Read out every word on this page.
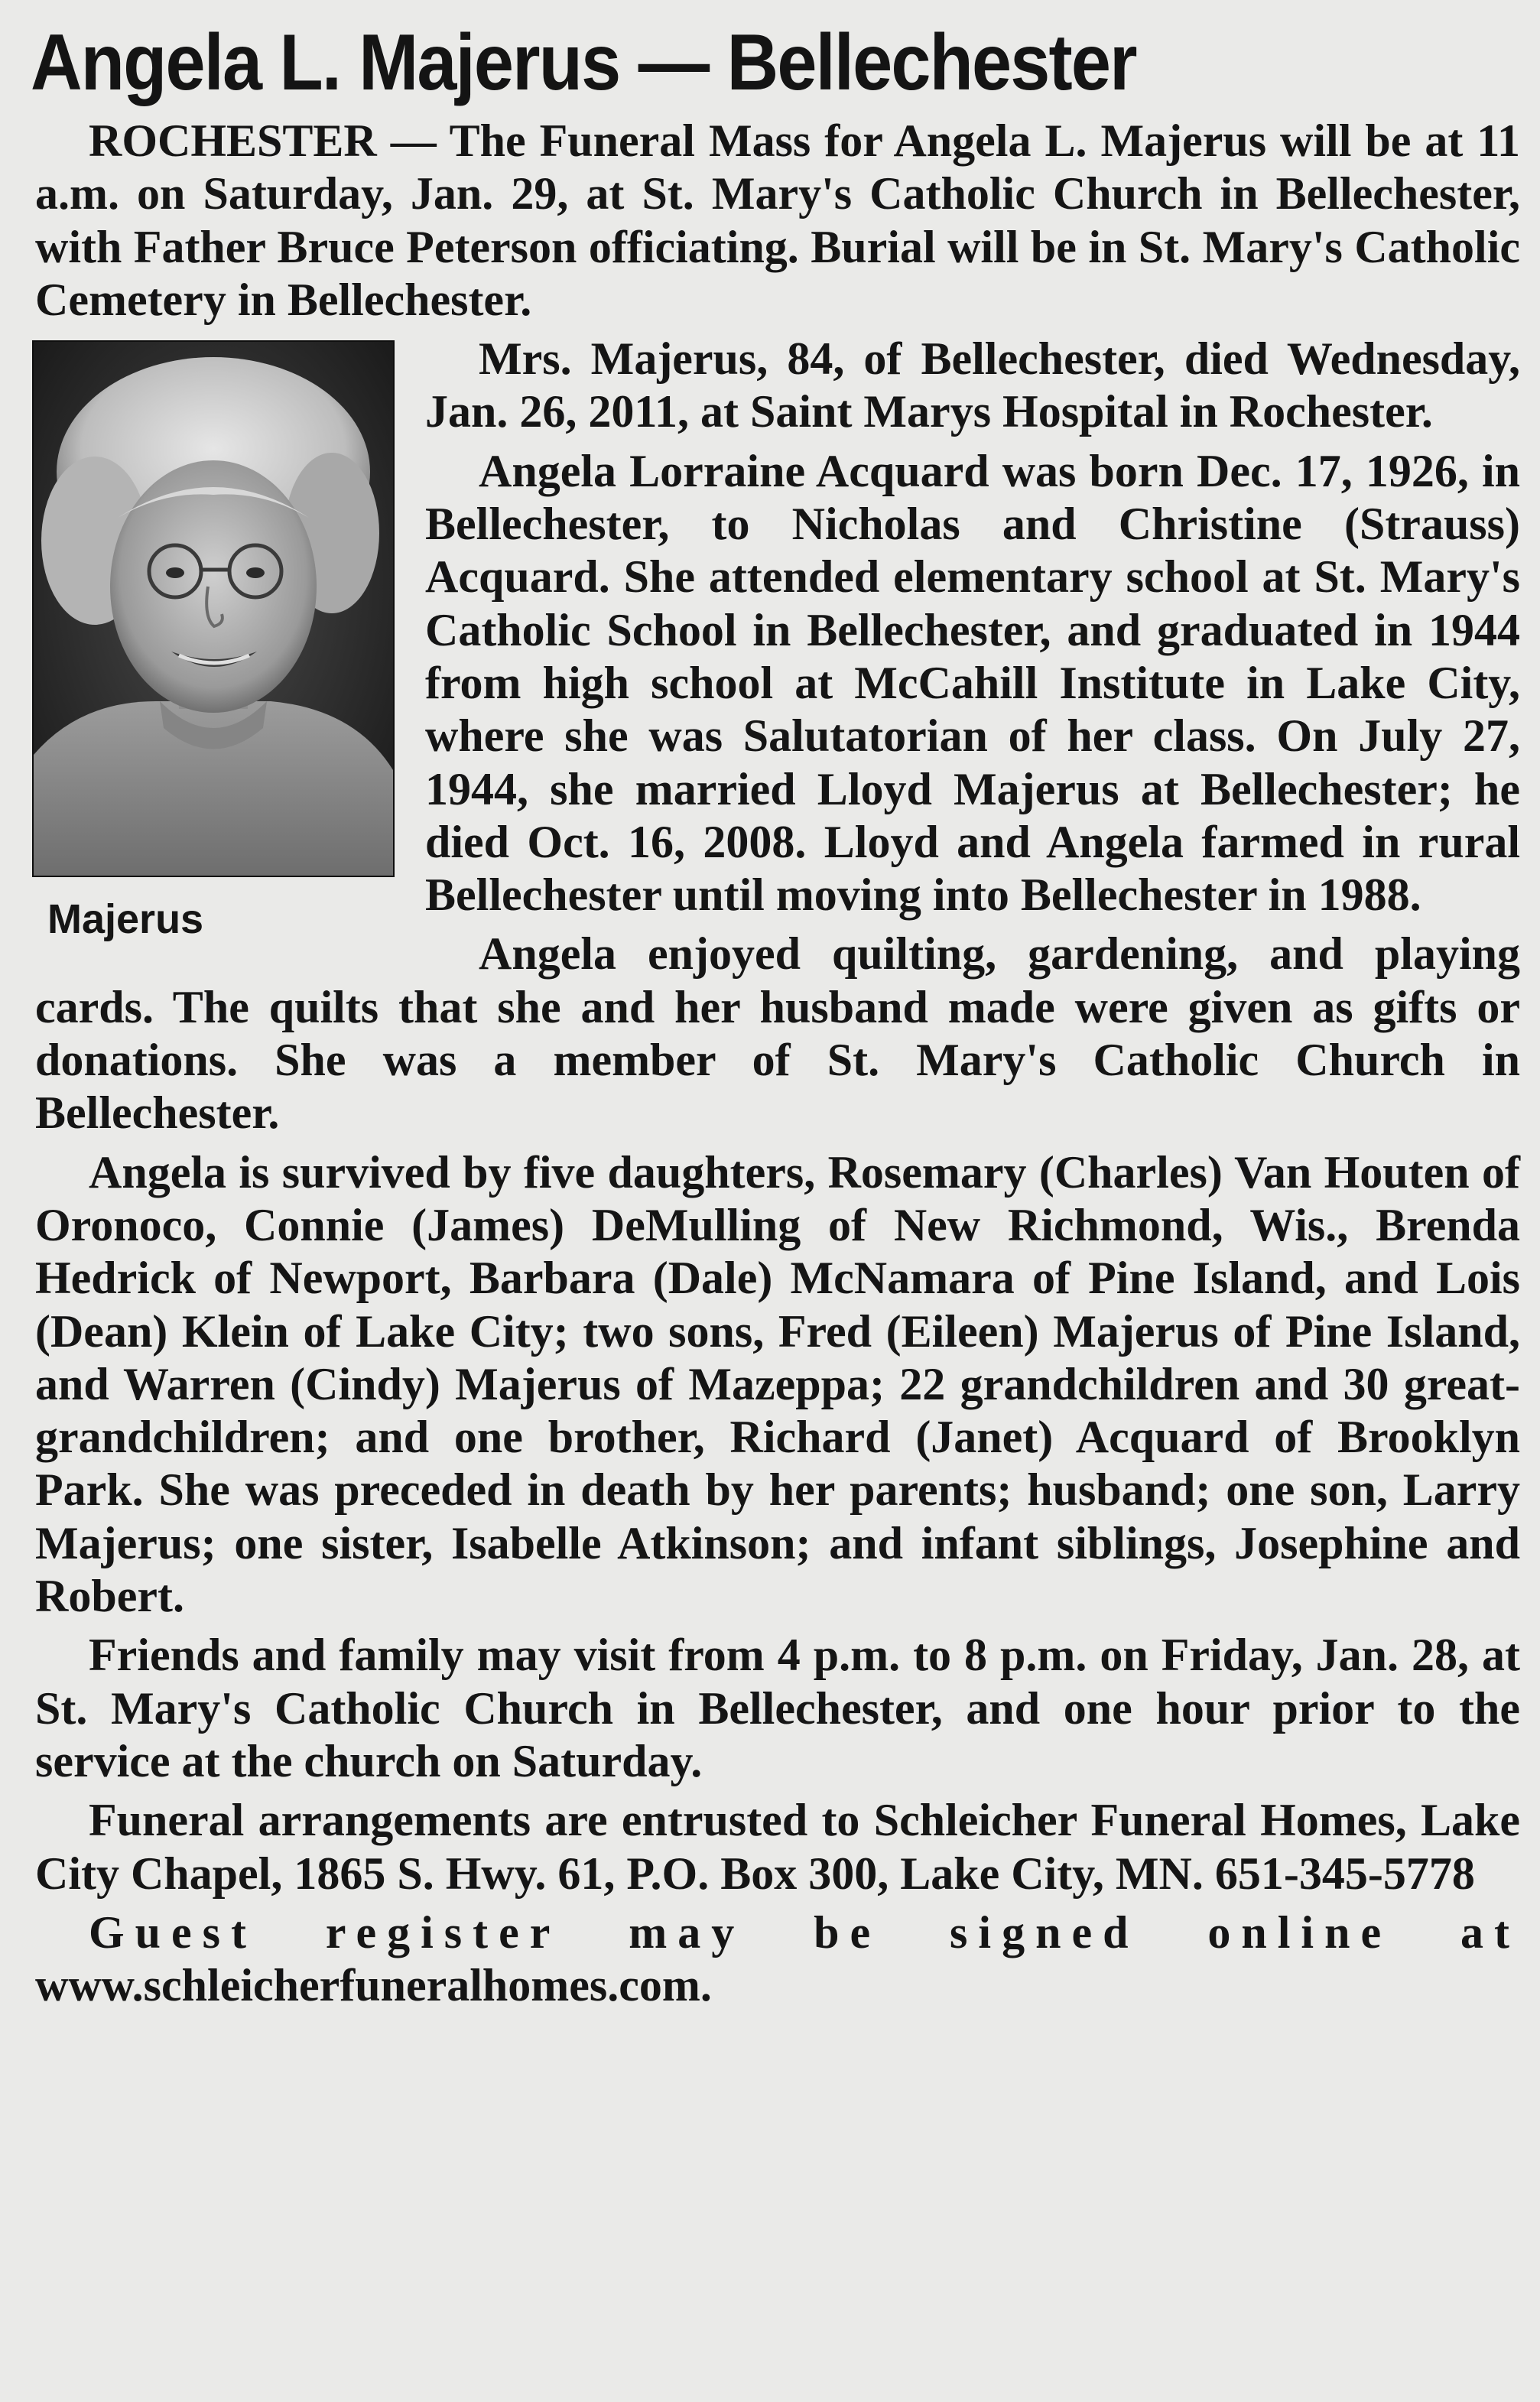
Angela L. Majerus — Bellechester

ROCHESTER — The Funeral Mass for Angela L. Majerus will be at 11 a.m. on Saturday, Jan. 29, at St. Mary's Catholic Church in Bellechester, with Father Bruce Peterson officiating. Burial will be in St. Mary's Catholic Cemetery in Bellechester.

Majerus

Mrs. Majerus, 84, of Bellechester, died Wednesday, Jan. 26, 2011, at Saint Marys Hospital in Rochester.

Angela Lorraine Acquard was born Dec. 17, 1926, in Bellechester, to Nicholas and Christine (Strauss) Acquard. She attended elementary school at St. Mary's Catholic School in Bellechester, and graduated in 1944 from high school at McCahill Institute in Lake City, where she was Salutatorian of her class. On July 27, 1944, she married Lloyd Majerus at Bellechester; he died Oct. 16, 2008. Lloyd and Angela farmed in rural Bellechester until moving into Bellechester in 1988.

Angela enjoyed quilting, gardening, and playing cards. The quilts that she and her husband made were given as gifts or donations. She was a member of St. Mary's Catholic Church in Bellechester.

Angela is survived by five daughters, Rosemary (Charles) Van Houten of Oronoco, Connie (James) DeMulling of New Richmond, Wis., Brenda Hedrick of Newport, Barbara (Dale) McNamara of Pine Island, and Lois (Dean) Klein of Lake City; two sons, Fred (Eileen) Majerus of Pine Island, and Warren (Cindy) Majerus of Mazeppa; 22 grandchildren and 30 great-grandchildren; and one brother, Richard (Janet) Acquard of Brooklyn Park. She was preceded in death by her parents; husband; one son, Larry Majerus; one sister, Isabelle Atkinson; and infant siblings, Josephine and Robert.

Friends and family may visit from 4 p.m. to 8 p.m. on Friday, Jan. 28, at St. Mary's Catholic Church in Bellechester, and one hour prior to the service at the church on Saturday.

Funeral arrangements are entrusted to Schleicher Funeral Homes, Lake City Chapel, 1865 S. Hwy. 61, P.O. Box 300, Lake City, MN. 651-345-5778

Guest register may be signed online at www.schleicherfuneralhomes.com.
